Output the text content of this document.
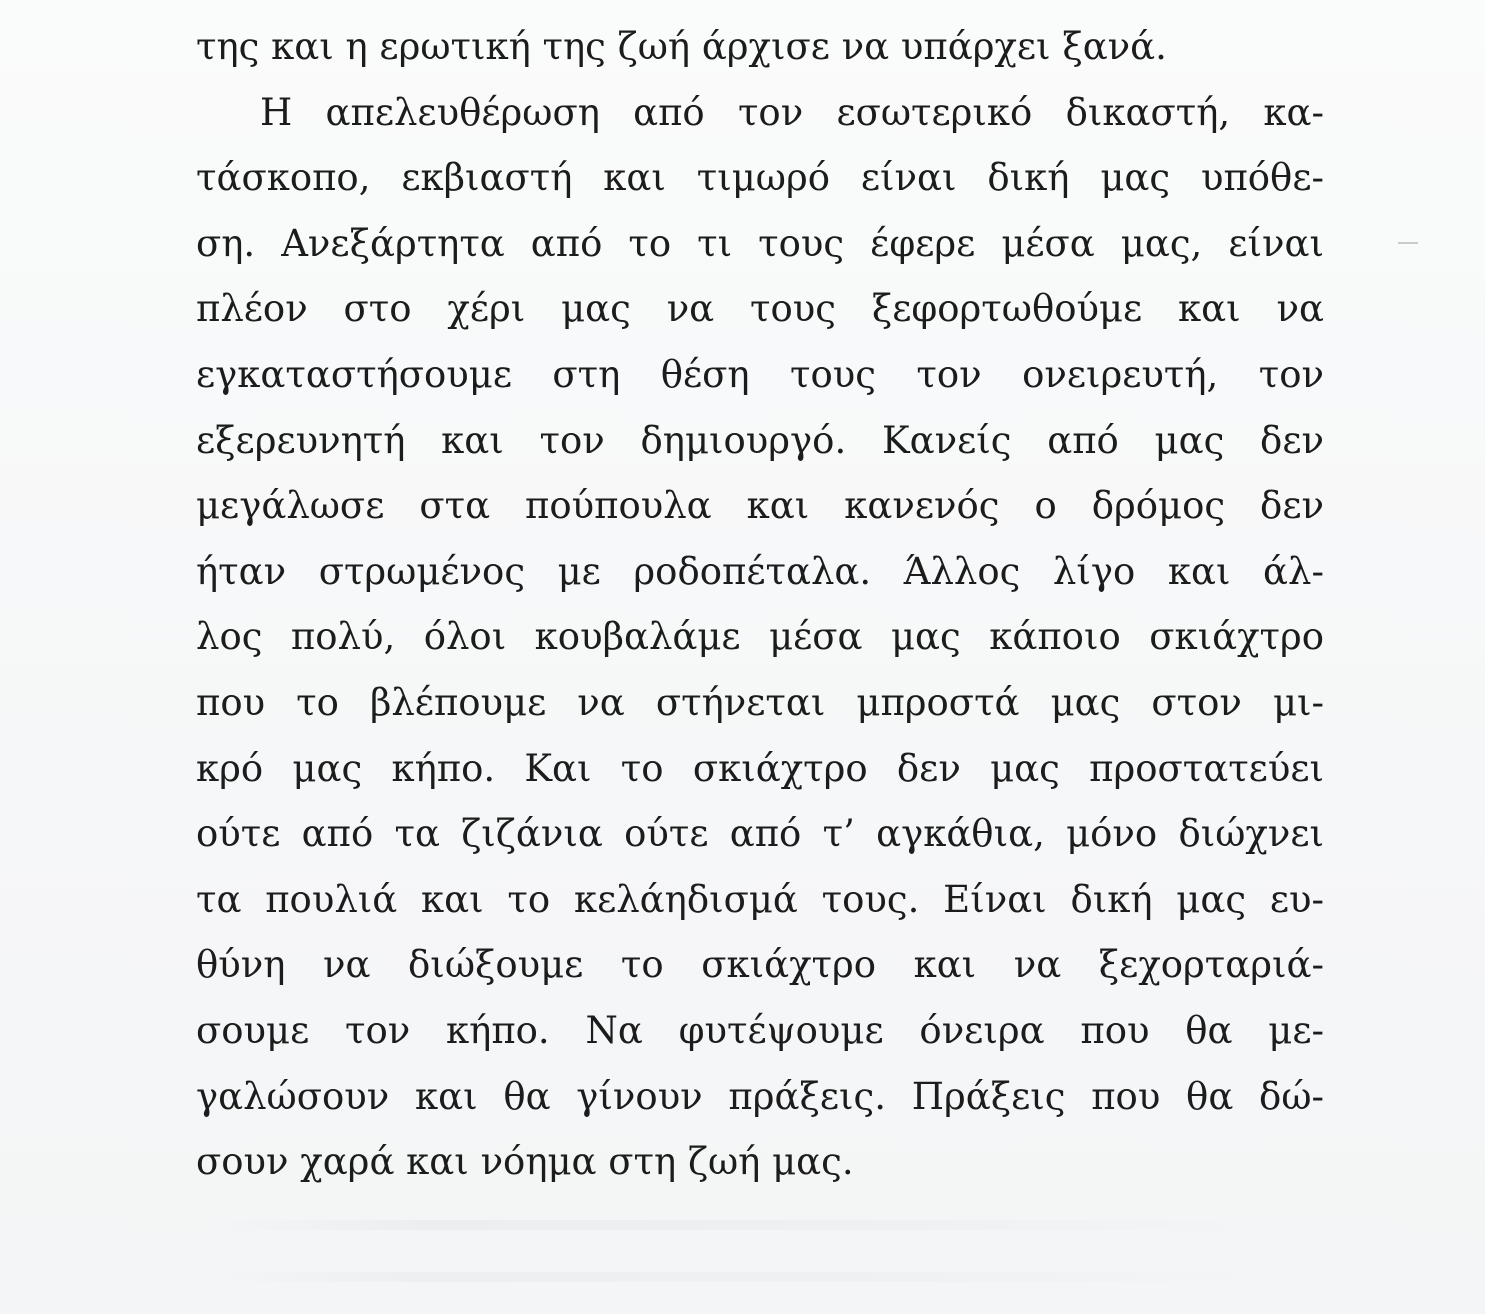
της και η ερωτική της ζωή άρχισε να υπάρχει ξανά.
Η απελευθέρωση από τον εσωτερικό δικαστή, κα-
τάσκοπο, εκβιαστή και τιμωρό είναι δική μας υπόθε-
ση. Ανεξάρτητα από το τι τους έφερε μέσα μας, είναι
πλέον στο χέρι μας να τους ξεφορτωθούμε και να
εγκαταστήσουμε στη θέση τους τον ονειρευτή, τον
εξερευνητή και τον δημιουργό. Κανείς από μας δεν
μεγάλωσε στα πούπουλα και κανενός ο δρόμος δεν
ήταν στρωμένος με ροδοπέταλα. Άλλος λίγο και άλ-
λος πολύ, όλοι κουβαλάμε μέσα μας κάποιο σκιάχτρο
που το βλέπουμε να στήνεται μπροστά μας στον μι-
κρό μας κήπο. Και το σκιάχτρο δεν μας προστατεύει
ούτε από τα ζιζάνια ούτε από τ’ αγκάθια, μόνο διώχνει
τα πουλιά και το κελάηδισμά τους. Είναι δική μας ευ-
θύνη να διώξουμε το σκιάχτρο και να ξεχορταριά-
σουμε τον κήπο. Να φυτέψουμε όνειρα που θα με-
γαλώσουν και θα γίνουν πράξεις. Πράξεις που θα δώ-
σουν χαρά και νόημα στη ζωή μας.
